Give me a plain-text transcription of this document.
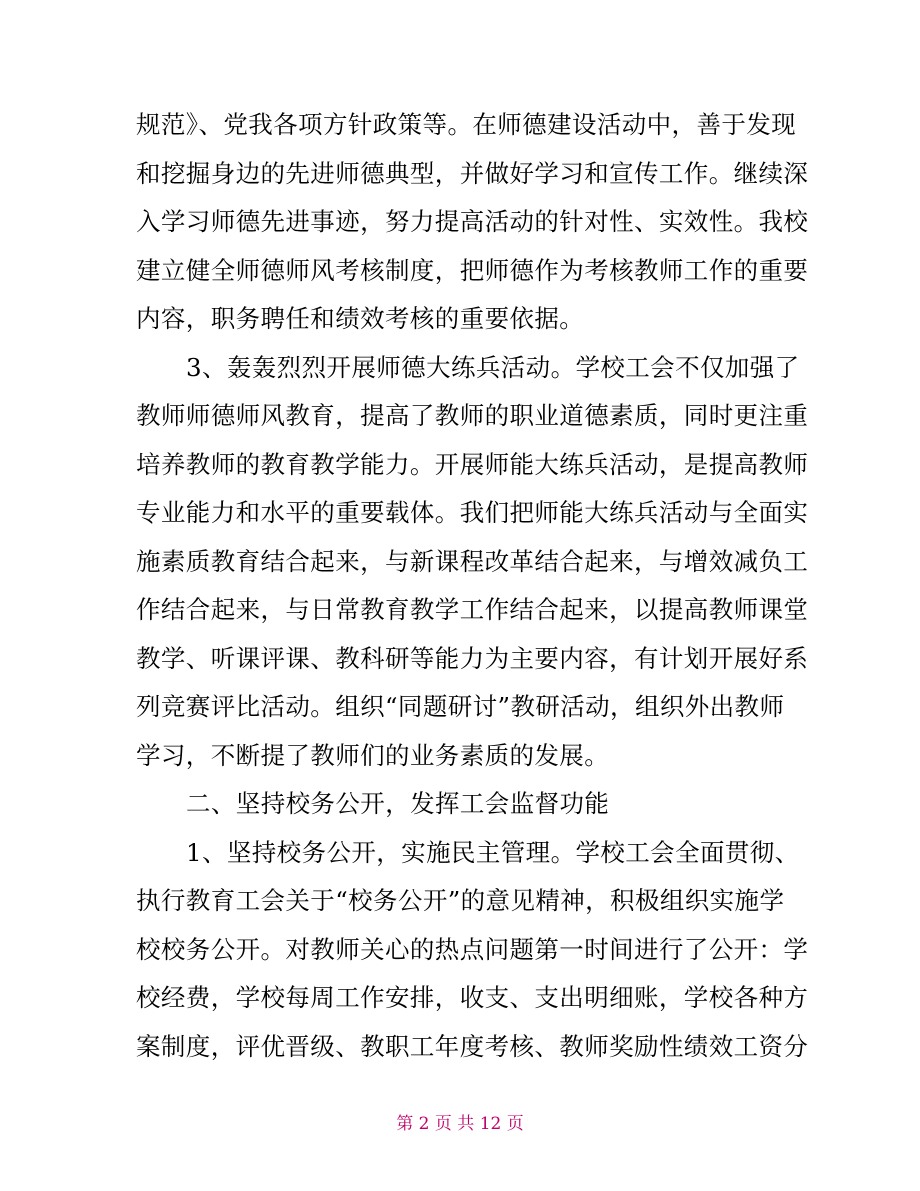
规范》、党我各项方针政策等。在师德建设活动中，善于发现
和挖掘身边的先进师德典型，并做好学习和宣传工作。继续深
入学习师德先进事迹，努力提高活动的针对性、实效性。我校
建立健全师德师风考核制度，把师德作为考核教师工作的重要
内容，职务聘任和绩效考核的重要依据。
3、轰轰烈烈开展师德大练兵活动。学校工会不仅加强了
教师师德师风教育，提高了教师的职业道德素质，同时更注重
培养教师的教育教学能力。开展师能大练兵活动，是提高教师
专业能力和水平的重要载体。我们把师能大练兵活动与全面实
施素质教育结合起来，与新课程改革结合起来，与增效减负工
作结合起来，与日常教育教学工作结合起来，以提高教师课堂
教学、听课评课、教科研等能力为主要内容，有计划开展好系
列竞赛评比活动。组织“同题研讨”教研活动，组织外出教师
学习，不断提了教师们的业务素质的发展。
二、坚持校务公开，发挥工会监督功能
1、坚持校务公开，实施民主管理。学校工会全面贯彻、
执行教育工会关于“校务公开”的意见精神，积极组织实施学
校校务公开。对教师关心的热点问题第一时间进行了公开：学
校经费，学校每周工作安排，收支、支出明细账，学校各种方
案制度，评优晋级、教职工年度考核、教师奖励性绩效工资分
第 2 页 共 12 页
